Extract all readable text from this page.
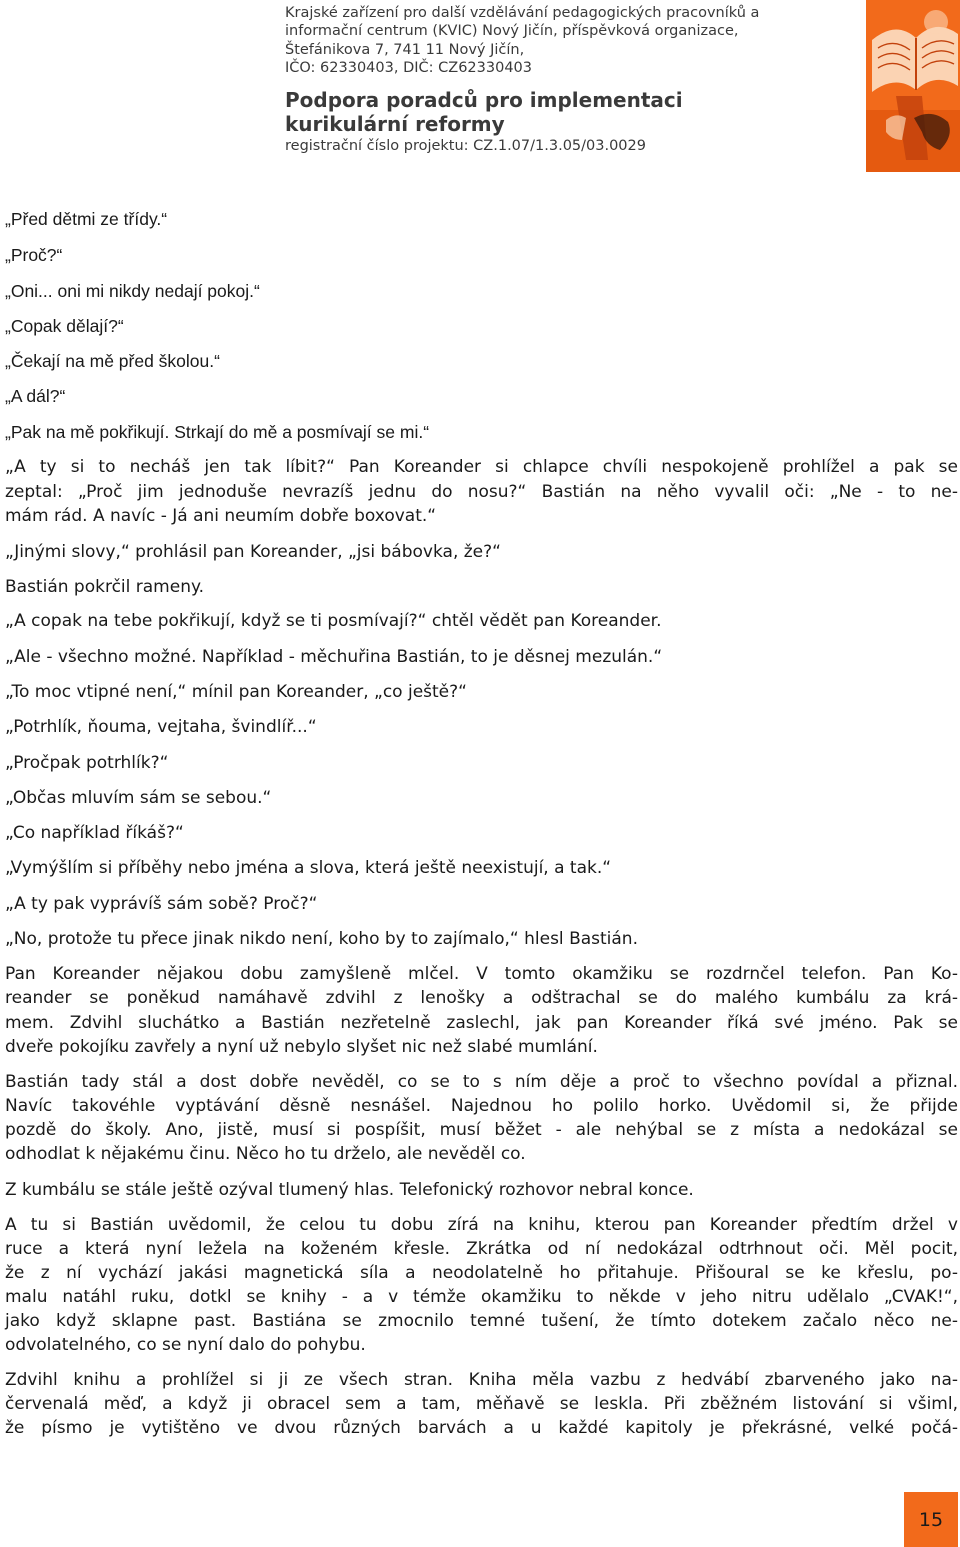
Krajské zařízení pro další vzdělávání pedagogických pracovníků a
informační centrum (KVIC) Nový Jičín, příspěvková organizace,
Štefánikova 7, 741 11 Nový Jičín,
IČO: 62330403, DIČ: CZ62330403
Podpora poradců pro implementaci
kurikulární reformy
registrační číslo projektu: CZ.1.07/1.3.05/03.0029
„Před dětmi ze třídy.“
„Proč?“
„Oni... oni mi nikdy nedají pokoj.“
„Copak dělají?“
„Čekají na mě před školou.“
„A dál?“
„Pak na mě pokřikují. Strkají do mě a posmívají se mi.“
„A ty si to necháš jen tak líbit?“ Pan Koreander si chlapce chvíli nespokojeně prohlížel a pak se
zeptal: „Proč jim jednoduše nevrazíš jednu do nosu?“ Bastián na něho vyvalil oči: „Ne - to ne-
mám rád. A navíc - Já ani neumím dobře boxovat.“
„Jinými slovy,“ prohlásil pan Koreander, „jsi bábovka, že?“
Bastián pokrčil rameny.
„A copak na tebe pokřikují, když se ti posmívají?“ chtěl vědět pan Koreander.
„Ale - všechno možné. Například - měchuřina Bastián, to je děsnej mezulán.“
„To moc vtipné není,“ mínil pan Koreander, „co ještě?“
„Potrhlík, ňouma, vejtaha, švindlíř...“
„Pročpak potrhlík?“
„Občas mluvím sám se sebou.“
„Co například říkáš?“
„Vymýšlím si příběhy nebo jména a slova, která ještě neexistují, a tak.“
„A ty pak vyprávíš sám sobě? Proč?“
„No, protože tu přece jinak nikdo není, koho by to zajímalo,“ hlesl Bastián.
Pan Koreander nějakou dobu zamyšleně mlčel. V tomto okamžiku se rozdrnčel telefon. Pan Ko-
reander se poněkud namáhavě zdvihl z lenošky a odštrachal se do malého kumbálu za krá-
mem. Zdvihl sluchátko a Bastián nezřetelně zaslechl, jak pan Koreander říká své jméno. Pak se
dveře pokojíku zavřely a nyní už nebylo slyšet nic než slabé mumlání.
Bastián tady stál a dost dobře nevěděl, co se to s ním děje a proč to všechno povídal a přiznal.
Navíc takovéhle vyptávání děsně nesnášel. Najednou ho polilo horko. Uvědomil si, že přijde
pozdě do školy. Ano, jistě, musí si pospíšit, musí běžet - ale nehýbal se z místa a nedokázal se
odhodlat k nějakému činu. Něco ho tu drželo, ale nevěděl co.
Z kumbálu se stále ještě ozýval tlumený hlas. Telefonický rozhovor nebral konce.
A tu si Bastián uvědomil, že celou tu dobu zírá na knihu, kterou pan Koreander předtím držel v
ruce a která nyní ležela na koženém křesle. Zkrátka od ní nedokázal odtrhnout oči. Měl pocit,
že z ní vychází jakási magnetická síla a neodolatelně ho přitahuje. Přišoural se ke křeslu, po-
malu natáhl ruku, dotkl se knihy - a v témže okamžiku to někde v jeho nitru udělalo „CVAK!“,
jako když sklapne past. Bastiána se zmocnilo temné tušení, že tímto dotekem začalo něco ne-
odvolatelného, co se nyní dalo do pohybu.
Zdvihl knihu a prohlížel si ji ze všech stran. Kniha měla vazbu z hedvábí zbarveného jako na-
červenalá měď, a když ji obracel sem a tam, měňavě se leskla. Při zběžném listování si všiml,
že písmo je vytištěno ve dvou různých barvách a u každé kapitoly je překrásné, velké počá-
15
